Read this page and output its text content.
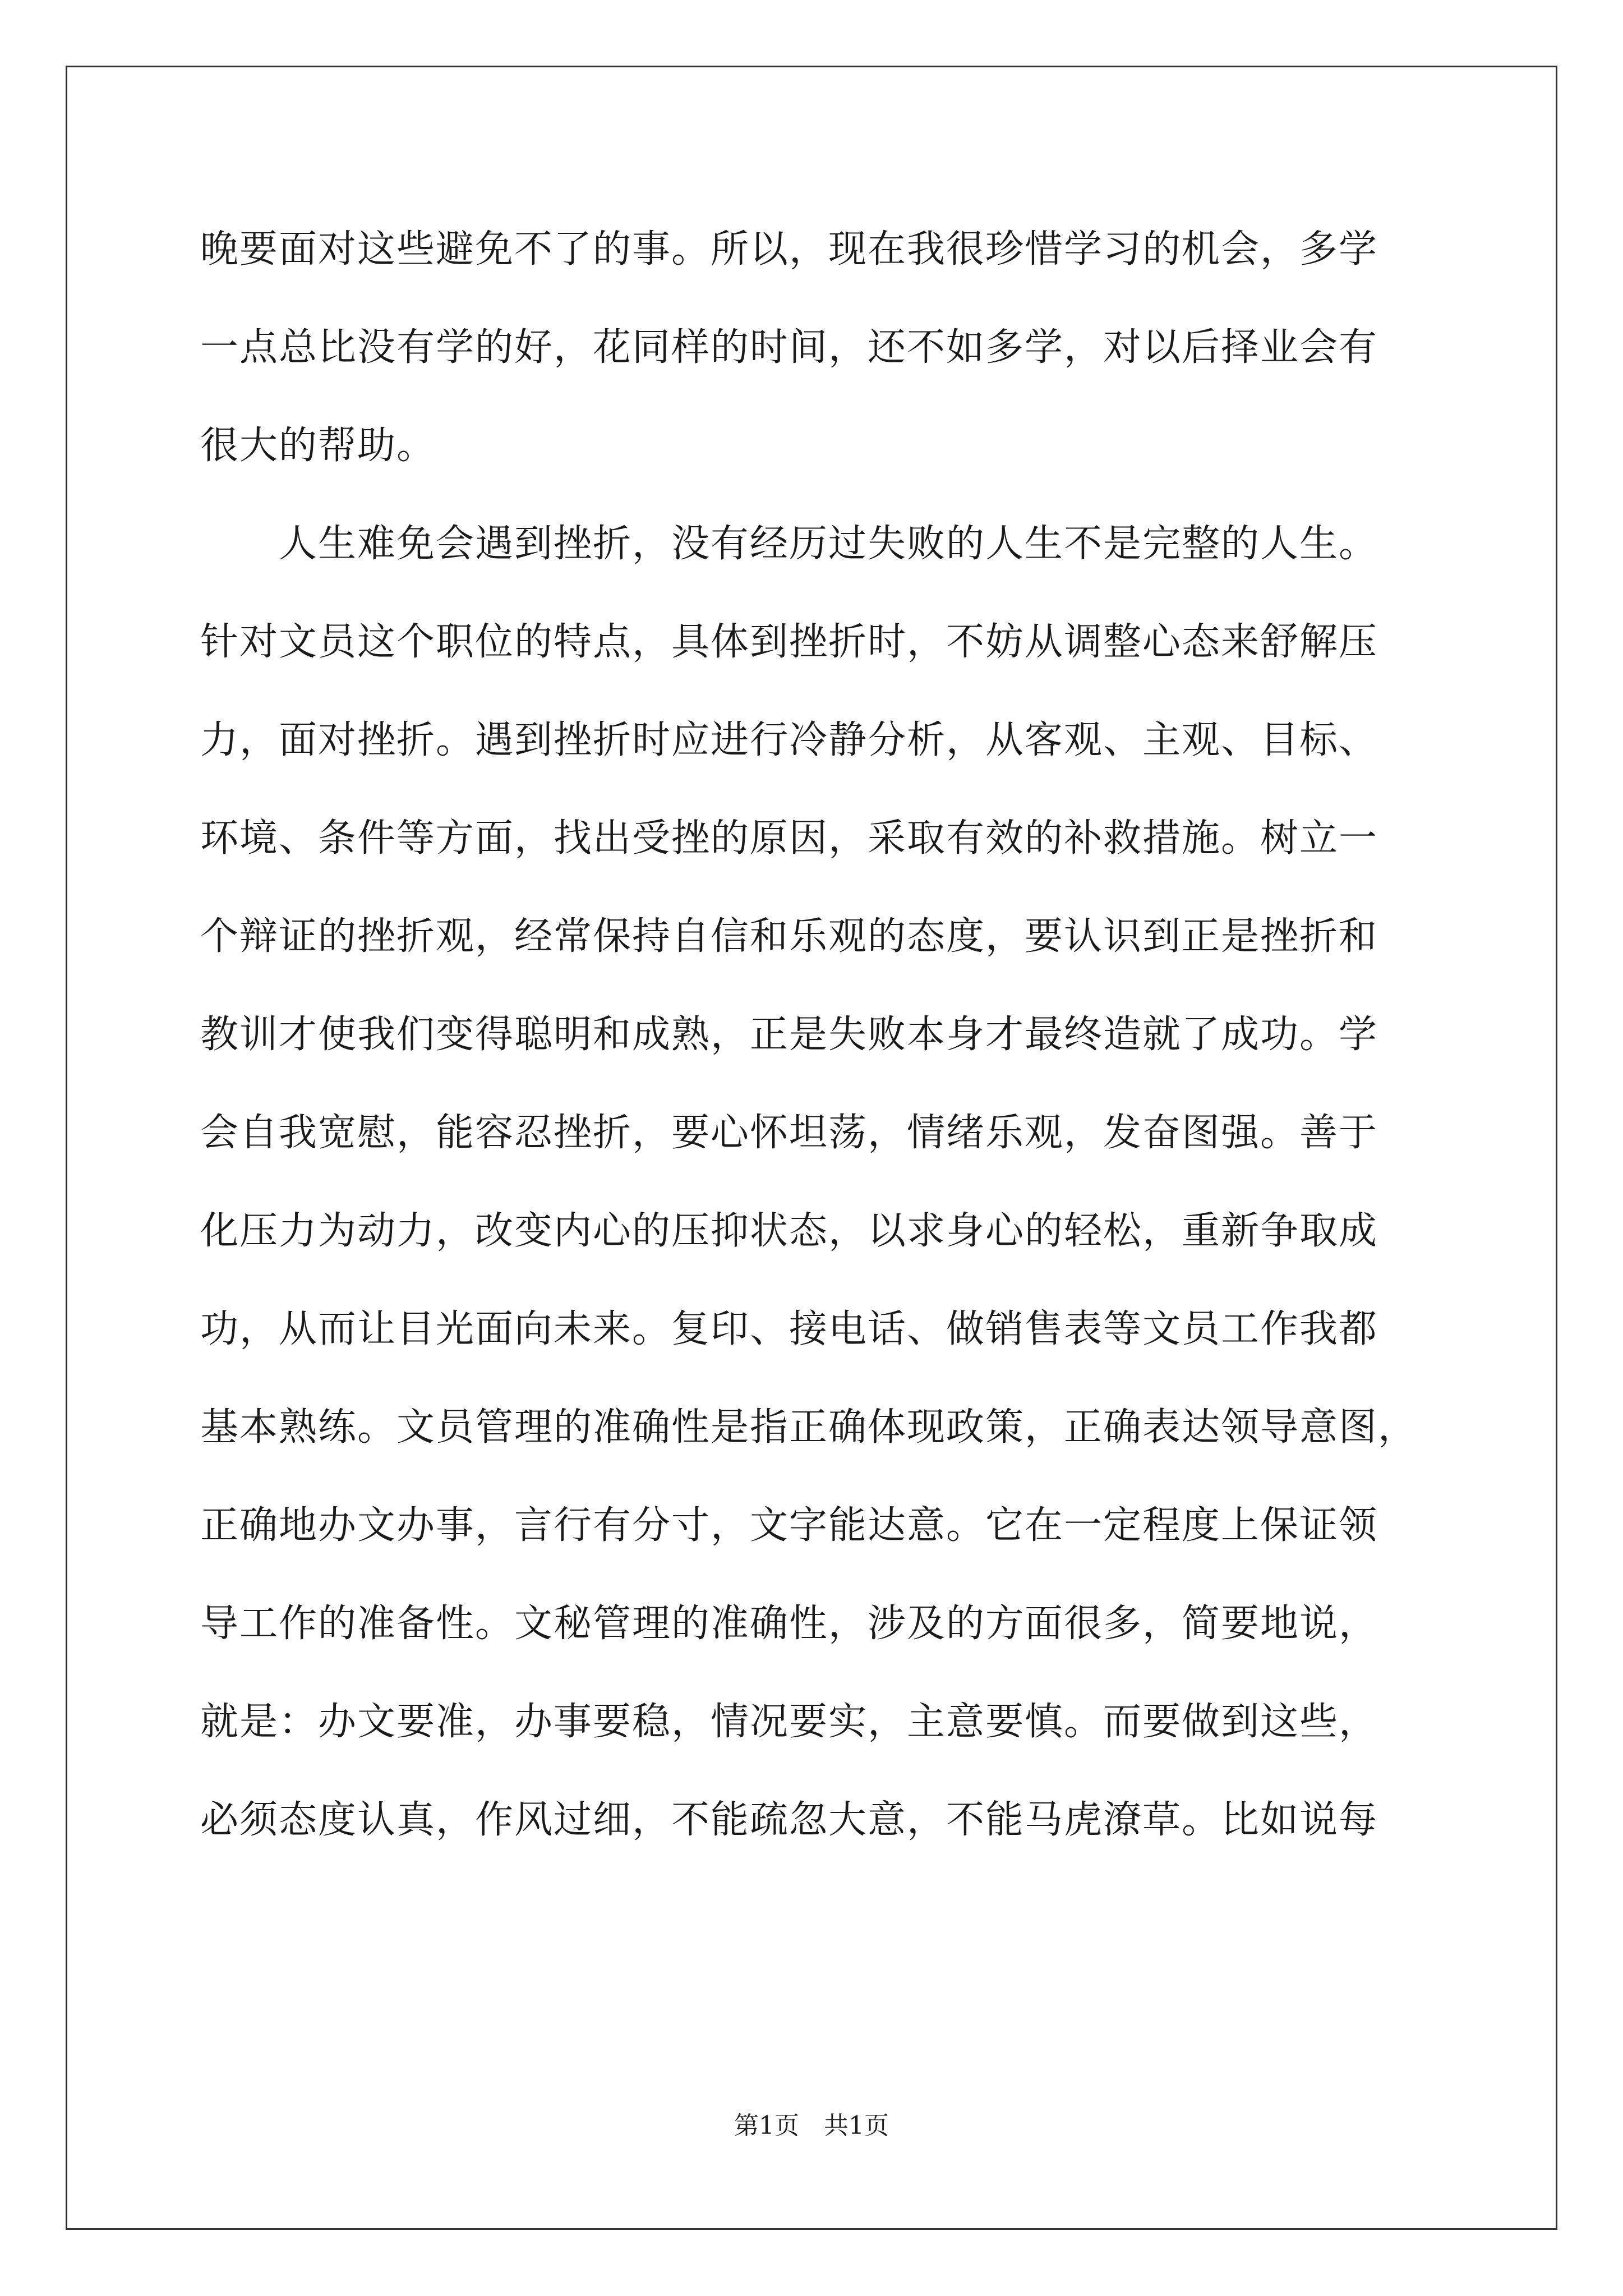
晚要面对这些避免不了的事。所以，现在我很珍惜学习的机会，多学
一点总比没有学的好，花同样的时间，还不如多学，对以后择业会有
很大的帮助。
人生难免会遇到挫折，没有经历过失败的人生不是完整的人生。
针对文员这个职位的特点，具体到挫折时，不妨从调整心态来舒解压
力，面对挫折。遇到挫折时应进行冷静分析，从客观、主观、目标、
环境、条件等方面，找出受挫的原因，采取有效的补救措施。树立一
个辩证的挫折观，经常保持自信和乐观的态度，要认识到正是挫折和
教训才使我们变得聪明和成熟，正是失败本身才最终造就了成功。学
会自我宽慰，能容忍挫折，要心怀坦荡，情绪乐观，发奋图强。善于
化压力为动力，改变内心的压抑状态，以求身心的轻松，重新争取成
功，从而让目光面向未来。复印、接电话、做销售表等文员工作我都
基本熟练。文员管理的准确性是指正确体现政策，正确表达领导意图，
正确地办文办事，言行有分寸，文字能达意。它在一定程度上保证领
导工作的准备性。文秘管理的准确性，涉及的方面很多，简要地说，
就是：办文要准，办事要稳，情况要实，主意要慎。而要做到这些，
必须态度认真，作风过细，不能疏忽大意，不能马虎潦草。比如说每
第1页　共1页
